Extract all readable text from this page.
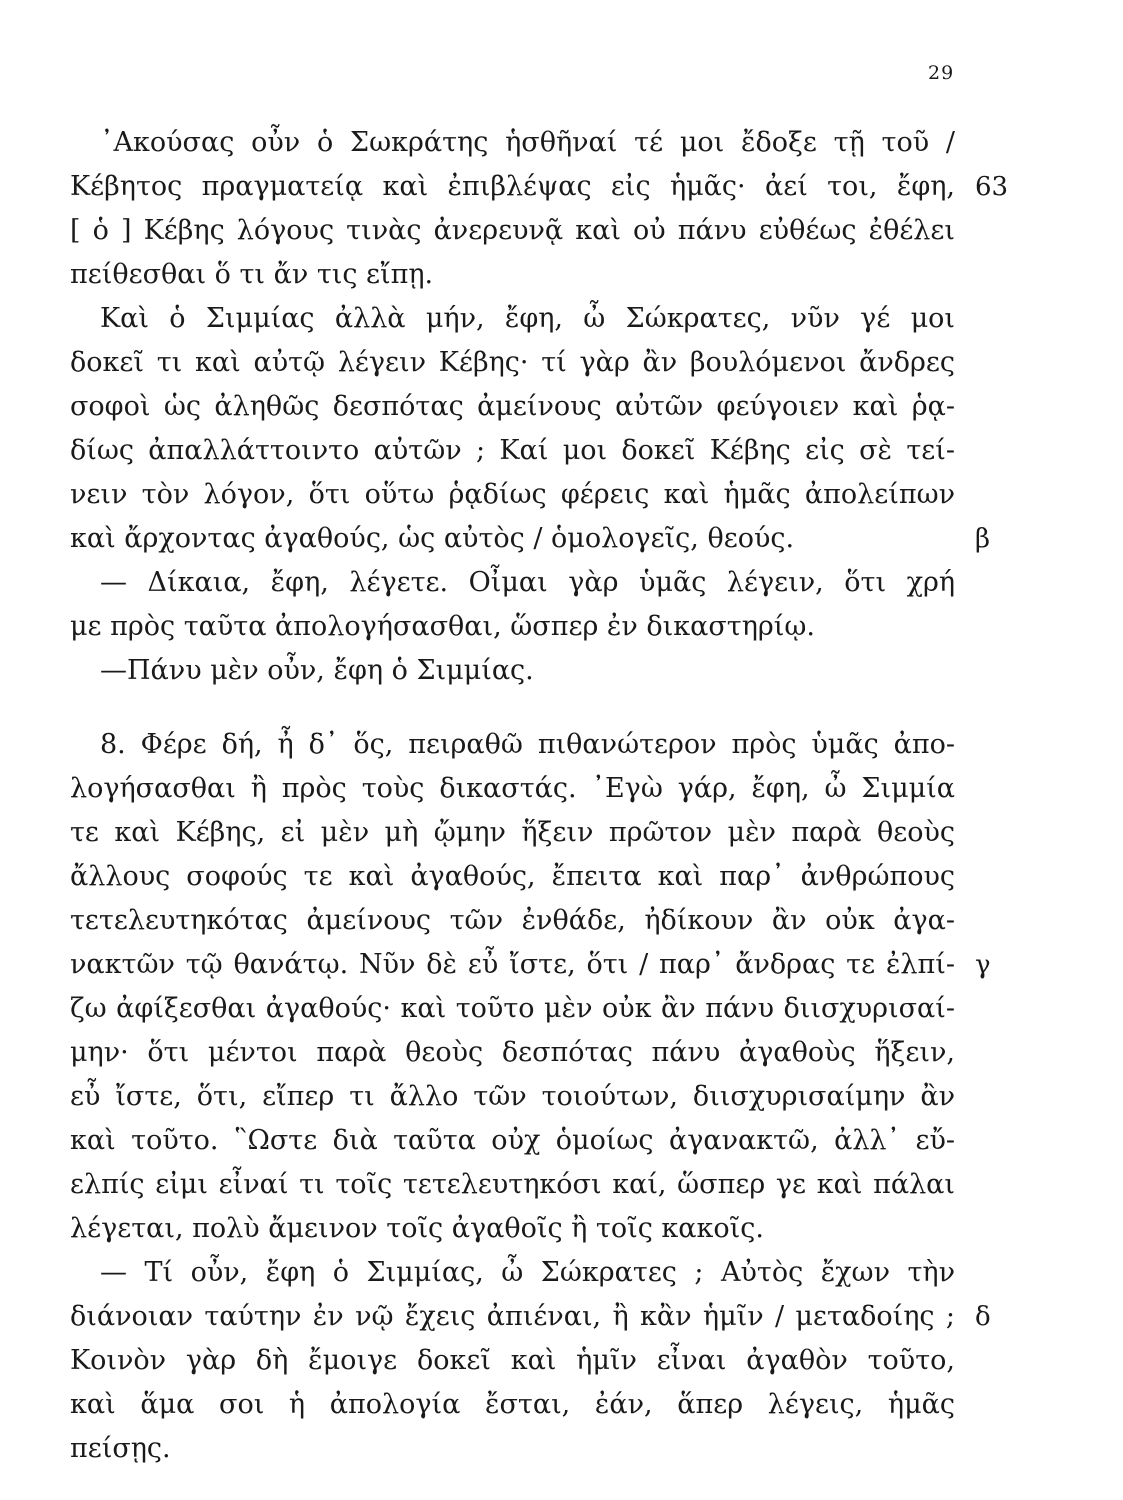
29
᾽Ακούσας οὖν ὁ Σωκράτης ἡσθῆναί τέ μοι ἔδοξε τῇ τοῦ /
Κέβητος πραγματείᾳ καὶ ἐπιβλέψας εἰς ἡμᾶς· ἀεί τοι, ἔφη,
[ ὁ ] Κέβης λόγους τινὰς ἀνερευνᾷ καὶ οὐ πάνυ εὐθέως ἐθέλει
πείθεσθαι ὅ τι ἄν τις εἴπῃ.
Καὶ ὁ Σιμμίας ἀλλὰ μήν, ἔφη, ὦ Σώκρατες, νῦν γέ μοι
δοκεῖ τι καὶ αὐτῷ λέγειν Κέβης· τί γὰρ ἂν βουλόμενοι ἄνδρες
σοφοὶ ὡς ἀληθῶς δεσπότας ἀμείνους αὐτῶν φεύγοιεν καὶ ῥᾳ-
δίως ἀπαλλάττοιντο αὐτῶν ; Καί μοι δοκεῖ Κέβης εἰς σὲ τεί-
νειν τὸν λόγον, ὅτι οὕτω ῥᾳδίως φέρεις καὶ ἡμᾶς ἀπολείπων
καὶ ἄρχοντας ἀγαθούς, ὡς αὐτὸς / ὁμολογεῖς, θεούς.
— Δίκαια, ἔφη, λέγετε. Οἶμαι γὰρ ὑμᾶς λέγειν, ὅτι χρή
με πρὸς ταῦτα ἀπολογήσασθαι, ὥσπερ ἐν δικαστηρίῳ.
—Πάνυ μὲν οὖν, ἔφη ὁ Σιμμίας.
8. Φέρε δή, ἦ δ᾽ ὅς, πειραθῶ πιθανώτερον πρὸς ὑμᾶς ἀπο-
λογήσασθαι ἢ πρὸς τοὺς δικαστάς. ᾽Εγὼ γάρ, ἔφη, ὦ Σιμμία
τε καὶ Κέβης, εἰ μὲν μὴ ᾤμην ἥξειν πρῶτον μὲν παρὰ θεοὺς
ἄλλους σοφούς τε καὶ ἀγαθούς, ἔπειτα καὶ παρ᾽ ἀνθρώπους
τετελευτηκότας ἀμείνους τῶν ἐνθάδε, ἠδίκουν ἂν οὐκ ἀγα-
νακτῶν τῷ θανάτῳ. Νῦν δὲ εὖ ἴστε, ὅτι / παρ᾽ ἄνδρας τε ἐλπί-
ζω ἀφίξεσθαι ἀγαθούς· καὶ τοῦτο μὲν οὐκ ἂν πάνυ διισχυρισαί-
μην· ὅτι μέντοι παρὰ θεοὺς δεσπότας πάνυ ἀγαθοὺς ἥξειν,
εὖ ἴστε, ὅτι, εἴπερ τι ἄλλο τῶν τοιούτων, διισχυρισαίμην ἂν
καὶ τοῦτο. ῝Ωστε διὰ ταῦτα οὐχ ὁμοίως ἀγανακτῶ, ἀλλ᾽ εὔ-
ελπίς εἰμι εἶναί τι τοῖς τετελευτηκόσι καί, ὥσπερ γε καὶ πάλαι
λέγεται, πολὺ ἄμεινον τοῖς ἀγαθοῖς ἢ τοῖς κακοῖς.
— Τί οὖν, ἔφη ὁ Σιμμίας, ὦ Σώκρατες ; Αὐτὸς ἔχων τὴν
διάνοιαν ταύτην ἐν νῷ ἔχεις ἀπιέναι, ἢ κἂν ἡμῖν / μεταδοίης ;
Κοινὸν γὰρ δὴ ἔμοιγε δοκεῖ καὶ ἡμῖν εἶναι ἀγαθὸν τοῦτο,
καὶ ἅμα σοι ἡ ἀπολογία ἔσται, ἐάν, ἅπερ λέγεις, ἡμᾶς
πείσῃς.
63
β
γ
δ
